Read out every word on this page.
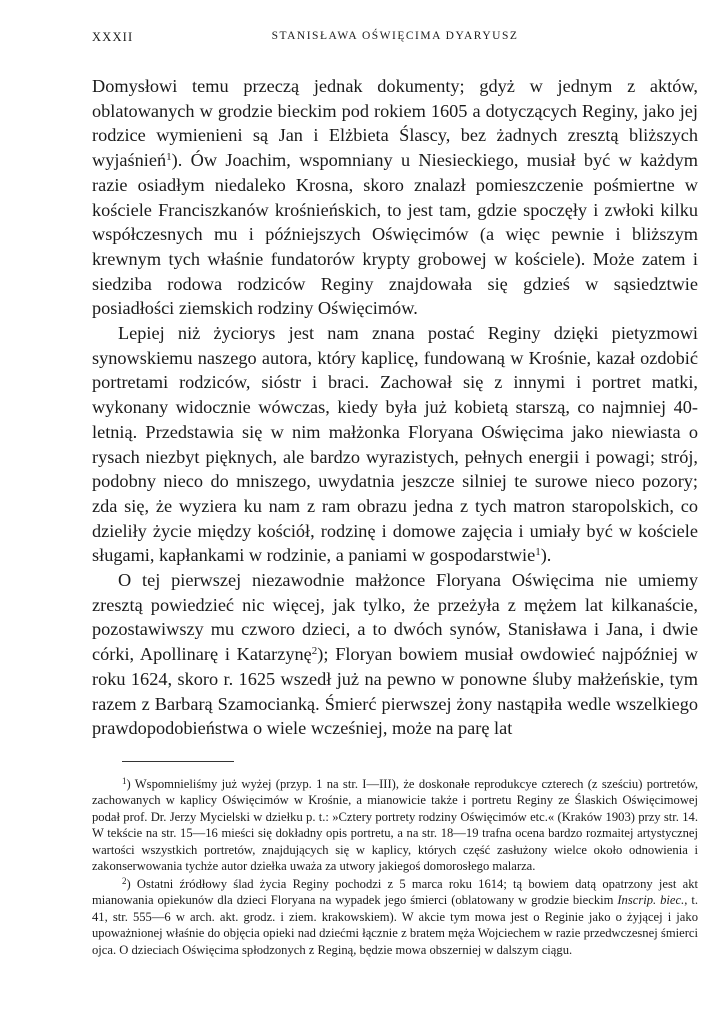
XXXII	STANISŁAWA OŚWIĘCIMA DYARYUSZ

Domysłowi temu przeczą jednak dokumenty; gdyż w jednym z aktów, oblatowanych w grodzie bieckim pod rokiem 1605 a dotyczących Reginy, jako jej rodzice wymienieni są Jan i Elżbieta Ślascy, bez żadnych zresztą bliższych wyjaśnień$^1$). Ów Joachim, wspomniany u Niesieckiego, musiał być w każdym razie osiadłym niedaleko Krosna, skoro znalazł pomieszczenie pośmiertne w kościele Franciszkanów krośnieńskich, to jest tam, gdzie spoczęły i zwłoki kilku współczesnych mu i późniejszych Oświęcimów (a więc pewnie i bliższym krewnym tych właśnie fundatorów krypty grobowej w kościele). Może zatem i siedziba rodowa rodziców Reginy znajdowała się gdzieś w sąsiedztwie posiadłości ziemskich rodziny Oświęcimów.

Lepiej niż życiorys jest nam znana postać Reginy dzięki pietyzmowi synowskiemu naszego autora, który kaplicę, fundowaną w Krośnie, kazał ozdobić portretami rodziców, sióstr i braci. Zachował się z innymi i portret matki, wykonany widocznie wówczas, kiedy była już kobietą starszą, co najmniej 40-letnią. Przedstawia się w nim małżonka Floryana Oświęcima jako niewiasta o rysach niezbyt pięknych, ale bardzo wyrazistych, pełnych energii i powagi; strój, podobny nieco do mniszego, uwydatnia jeszcze silniej te surowe nieco pozory; zda się, że wyziera ku nam z ram obrazu jedna z tych matron staropolskich, co dzieliły życie między kościół, rodzinę i domowe zajęcia i umiały być w kościele sługami, kapłankami w rodzinie, a paniami w gospodarstwie$^1$).

O tej pierwszej niezawodnie małżonce Floryana Oświęcima nie umiemy zresztą powiedzieć nic więcej, jak tylko, że przeżyła z mężem lat kilkanaście, pozostawiwszy mu czworo dzieci, a to dwóch synów, Stanisława i Jana, i dwie córki, Apollinarę i Katarzynę$^2$); Floryan bowiem musiał owdowieć najpóźniej w roku 1624, skoro r. 1625 wszedł już na pewno w ponowne śluby małżeńskie, tym razem z Barbarą Szamocianką. Śmierć pierwszej żony nastąpiła wedle wszelkiego prawdopodobieństwa o wiele wcześniej, może na parę lat

$^1$) Wspomnieliśmy już wyżej (przyp. 1 na str. I—III), że doskonałe reprodukcye czterech (z sześciu) portretów, zachowanych w kaplicy Oświęcimów w Krośnie, a mianowicie także i portretu Reginy ze Ślaskich Oświęcimowej podał prof. Dr. Jerzy Mycielski w dziełku p. t.: »Cztery portrety rodziny Oświęcimów etc.« (Kraków 1903) przy str. 14. W tekście na str. 15—16 mieści się dokładny opis portretu, a na str. 18—19 trafna ocena bardzo rozmaitej artystycznej wartości wszystkich portretów, znajdujących się w kaplicy, których część zasłużony wielce około odnowienia i zakonserwowania tychże autor dziełka uważa za utwory jakiegoś domorosłego malarza.

$^2$) Ostatni źródłowy ślad życia Reginy pochodzi z 5 marca roku 1614; tą bowiem datą opatrzony jest akt mianowania opiekunów dla dzieci Floryana na wypadek jego śmierci (oblatowany w grodzie bieckim Inscrip. biec., t. 41, str. 555—6 w arch. akt. grodz. i ziem. krakowskiem). W akcie tym mowa jest o Reginie jako o żyjącej i jako upoważnionej właśnie do objęcia opieki nad dziećmi łącznie z bratem męża Wojciechem w razie przedwczesnej śmierci ojca. O dzieciach Oświęcima spłodzonych z Reginą, będzie mowa obszerniej w dalszym ciągu.
